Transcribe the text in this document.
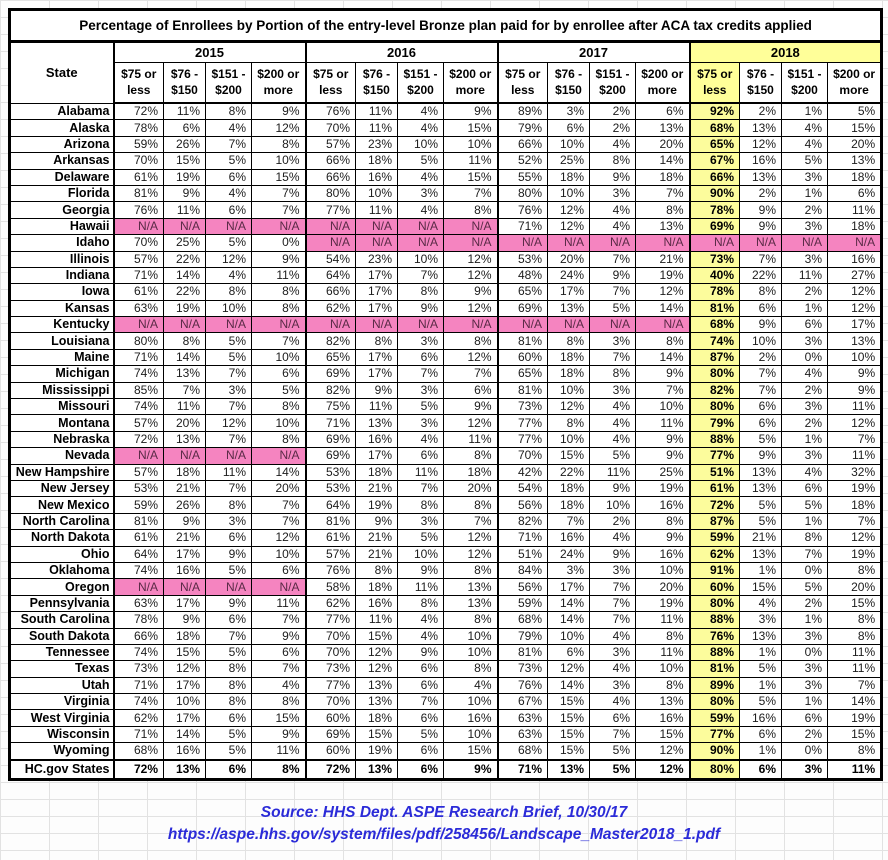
Percentage of Enrollees by Portion of the entry-level Bronze plan paid for by enrollee after ACA tax credits applied																
State	2015				2016				2017				2018			
	$75 or less	$76 - $150	$151 - $200	$200 or more	$75 or less	$76 - $150	$151 - $200	$200 or more	$75 or less	$76 - $150	$151 - $200	$200 or more	$75 or less	$76 - $150	$151 - $200	$200 or more
Alabama	72%	11%	8%	9%	76%	11%	4%	9%	89%	3%	2%	6%	92%	2%	1%	5%
Alaska	78%	6%	4%	12%	70%	11%	4%	15%	79%	6%	2%	13%	68%	13%	4%	15%
Arizona	59%	26%	7%	8%	57%	23%	10%	10%	66%	10%	4%	20%	65%	12%	4%	20%
Arkansas	70%	15%	5%	10%	66%	18%	5%	11%	52%	25%	8%	14%	67%	16%	5%	13%
Delaware	61%	19%	6%	15%	66%	16%	4%	15%	55%	18%	9%	18%	66%	13%	3%	18%
Florida	81%	9%	4%	7%	80%	10%	3%	7%	80%	10%	3%	7%	90%	2%	1%	6%
Georgia	76%	11%	6%	7%	77%	11%	4%	8%	76%	12%	4%	8%	78%	9%	2%	11%
Hawaii	N/A	N/A	N/A	N/A	N/A	N/A	N/A	N/A	71%	12%	4%	13%	69%	9%	3%	18%
Idaho	70%	25%	5%	0%	N/A	N/A	N/A	N/A	N/A	N/A	N/A	N/A	N/A	N/A	N/A	N/A
Illinois	57%	22%	12%	9%	54%	23%	10%	12%	53%	20%	7%	21%	73%	7%	3%	16%
Indiana	71%	14%	4%	11%	64%	17%	7%	12%	48%	24%	9%	19%	40%	22%	11%	27%
Iowa	61%	22%	8%	8%	66%	17%	8%	9%	65%	17%	7%	12%	78%	8%	2%	12%
Kansas	63%	19%	10%	8%	62%	17%	9%	12%	69%	13%	5%	14%	81%	6%	1%	12%
Kentucky	N/A	N/A	N/A	N/A	N/A	N/A	N/A	N/A	N/A	N/A	N/A	N/A	68%	9%	6%	17%
Louisiana	80%	8%	5%	7%	82%	8%	3%	8%	81%	8%	3%	8%	74%	10%	3%	13%
Maine	71%	14%	5%	10%	65%	17%	6%	12%	60%	18%	7%	14%	87%	2%	0%	10%
Michigan	74%	13%	7%	6%	69%	17%	7%	7%	65%	18%	8%	9%	80%	7%	4%	9%
Mississippi	85%	7%	3%	5%	82%	9%	3%	6%	81%	10%	3%	7%	82%	7%	2%	9%
Missouri	74%	11%	7%	8%	75%	11%	5%	9%	73%	12%	4%	10%	80%	6%	3%	11%
Montana	57%	20%	12%	10%	71%	13%	3%	12%	77%	8%	4%	11%	79%	6%	2%	12%
Nebraska	72%	13%	7%	8%	69%	16%	4%	11%	77%	10%	4%	9%	88%	5%	1%	7%
Nevada	N/A	N/A	N/A	N/A	69%	17%	6%	8%	70%	15%	5%	9%	77%	9%	3%	11%
New Hampshire	57%	18%	11%	14%	53%	18%	11%	18%	42%	22%	11%	25%	51%	13%	4%	32%
New Jersey	53%	21%	7%	20%	53%	21%	7%	20%	54%	18%	9%	19%	61%	13%	6%	19%
New Mexico	59%	26%	8%	7%	64%	19%	8%	8%	56%	18%	10%	16%	72%	5%	5%	18%
North Carolina	81%	9%	3%	7%	81%	9%	3%	7%	82%	7%	2%	8%	87%	5%	1%	7%
North Dakota	61%	21%	6%	12%	61%	21%	5%	12%	71%	16%	4%	9%	59%	21%	8%	12%
Ohio	64%	17%	9%	10%	57%	21%	10%	12%	51%	24%	9%	16%	62%	13%	7%	19%
Oklahoma	74%	16%	5%	6%	76%	8%	9%	8%	84%	3%	3%	10%	91%	1%	0%	8%
Oregon	N/A	N/A	N/A	N/A	58%	18%	11%	13%	56%	17%	7%	20%	60%	15%	5%	20%
Pennsylvania	63%	17%	9%	11%	62%	16%	8%	13%	59%	14%	7%	19%	80%	4%	2%	15%
South Carolina	78%	9%	6%	7%	77%	11%	4%	8%	68%	14%	7%	11%	88%	3%	1%	8%
South Dakota	66%	18%	7%	9%	70%	15%	4%	10%	79%	10%	4%	8%	76%	13%	3%	8%
Tennessee	74%	15%	5%	6%	70%	12%	9%	10%	81%	6%	3%	11%	88%	1%	0%	11%
Texas	73%	12%	8%	7%	73%	12%	6%	8%	73%	12%	4%	10%	81%	5%	3%	11%
Utah	71%	17%	8%	4%	77%	13%	6%	4%	76%	14%	3%	8%	89%	1%	3%	7%
Virginia	74%	10%	8%	8%	70%	13%	7%	10%	67%	15%	4%	13%	80%	5%	1%	14%
West Virginia	62%	17%	6%	15%	60%	18%	6%	16%	63%	15%	6%	16%	59%	16%	6%	19%
Wisconsin	71%	14%	5%	9%	69%	15%	5%	10%	63%	15%	7%	15%	77%	6%	2%	15%
Wyoming	68%	16%	5%	11%	60%	19%	6%	15%	68%	15%	5%	12%	90%	1%	0%	8%
HC.gov States	72%	13%	6%	8%	72%	13%	6%	9%	71%	13%	5%	12%	80%	6%	3%	11%
Source: HHS Dept. ASPE Research Brief, 10/30/17
https://aspe.hhs.gov/system/files/pdf/258456/Landscape_Master2018_1.pdf
